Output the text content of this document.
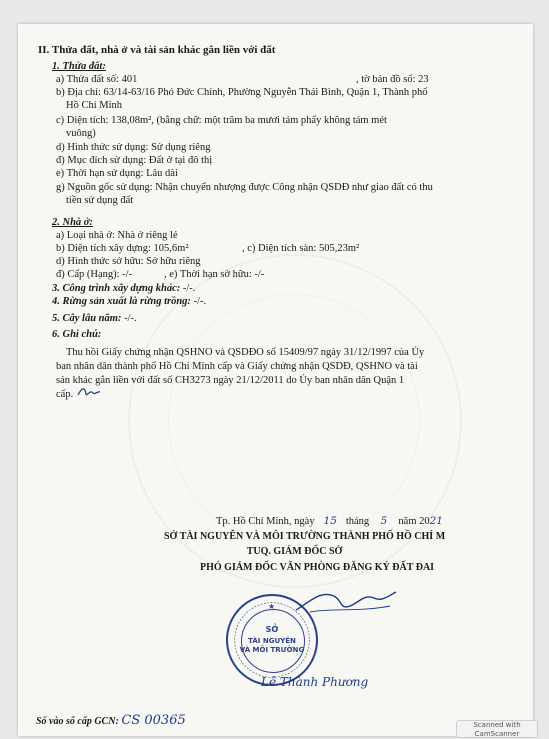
II. Thửa đất, nhà ở và tài sản khác gắn liền với đất
1. Thửa đất:
a) Thửa đất số: 401	, tờ bản đồ số: 23
b) Địa chỉ: 63/14-63/16 Phó Đức Chính, Phường Nguyễn Thái Bình, Quận 1, Thành phố
Hồ Chí Minh
c) Diện tích: 138,08m², (bằng chữ: một trăm ba mươi tám phẩy không tám mét
vuông)
d) Hình thức sử dụng: Sử dụng riêng
đ) Mục đích sử dụng: Đất ở tại đô thị
e) Thời hạn sử dụng: Lâu dài
g) Nguồn gốc sử dụng: Nhận chuyển nhượng được Công nhận QSDĐ như giao đất có thu
tiền sử dụng đất
2. Nhà ở:
a) Loại nhà ở: Nhà ở riêng lẻ
b) Diện tích xây dựng: 105,6m²	, c) Diện tích sàn: 505,23m²
d) Hình thức sở hữu: Sở hữu riêng
đ) Cấp (Hạng): -/-	, e) Thời hạn sở hữu: -/-
3. Công trình xây dựng khác: -/-.
4. Rừng sản xuất là rừng trồng: -/-.
5. Cây lâu năm: -/-.
6. Ghi chú:
Thu hồi Giấy chứng nhận QSHNO và QSDĐO số 15409/97 ngày 31/12/1997 của Ủy
ban nhân dân thành phố Hồ Chí Minh cấp và Giấy chứng nhận QSDĐ, QSHNO và tài
sản khác gắn liền với đất số CH3273 ngày 21/12/2011 do Ủy ban nhân dân Quận 1
cấp.
Tp. Hồ Chí Minh, ngày 15 tháng 5 năm 2021
SỞ TÀI NGUYÊN VÀ MÔI TRƯỜNG THÀNH PHỐ HỒ CHÍ M
TUQ. GIÁM ĐỐC SỞ
PHÓ GIÁM ĐỐC VĂN PHÒNG ĐĂNG KÝ ĐẤT ĐAI
★
SỞ
TÀI NGUYÊN
VÀ MÔI TRƯỜNG
Lê Thành Phương
Số vào sổ cấp GCN: CS 00365	Scanned with
CamScanner
